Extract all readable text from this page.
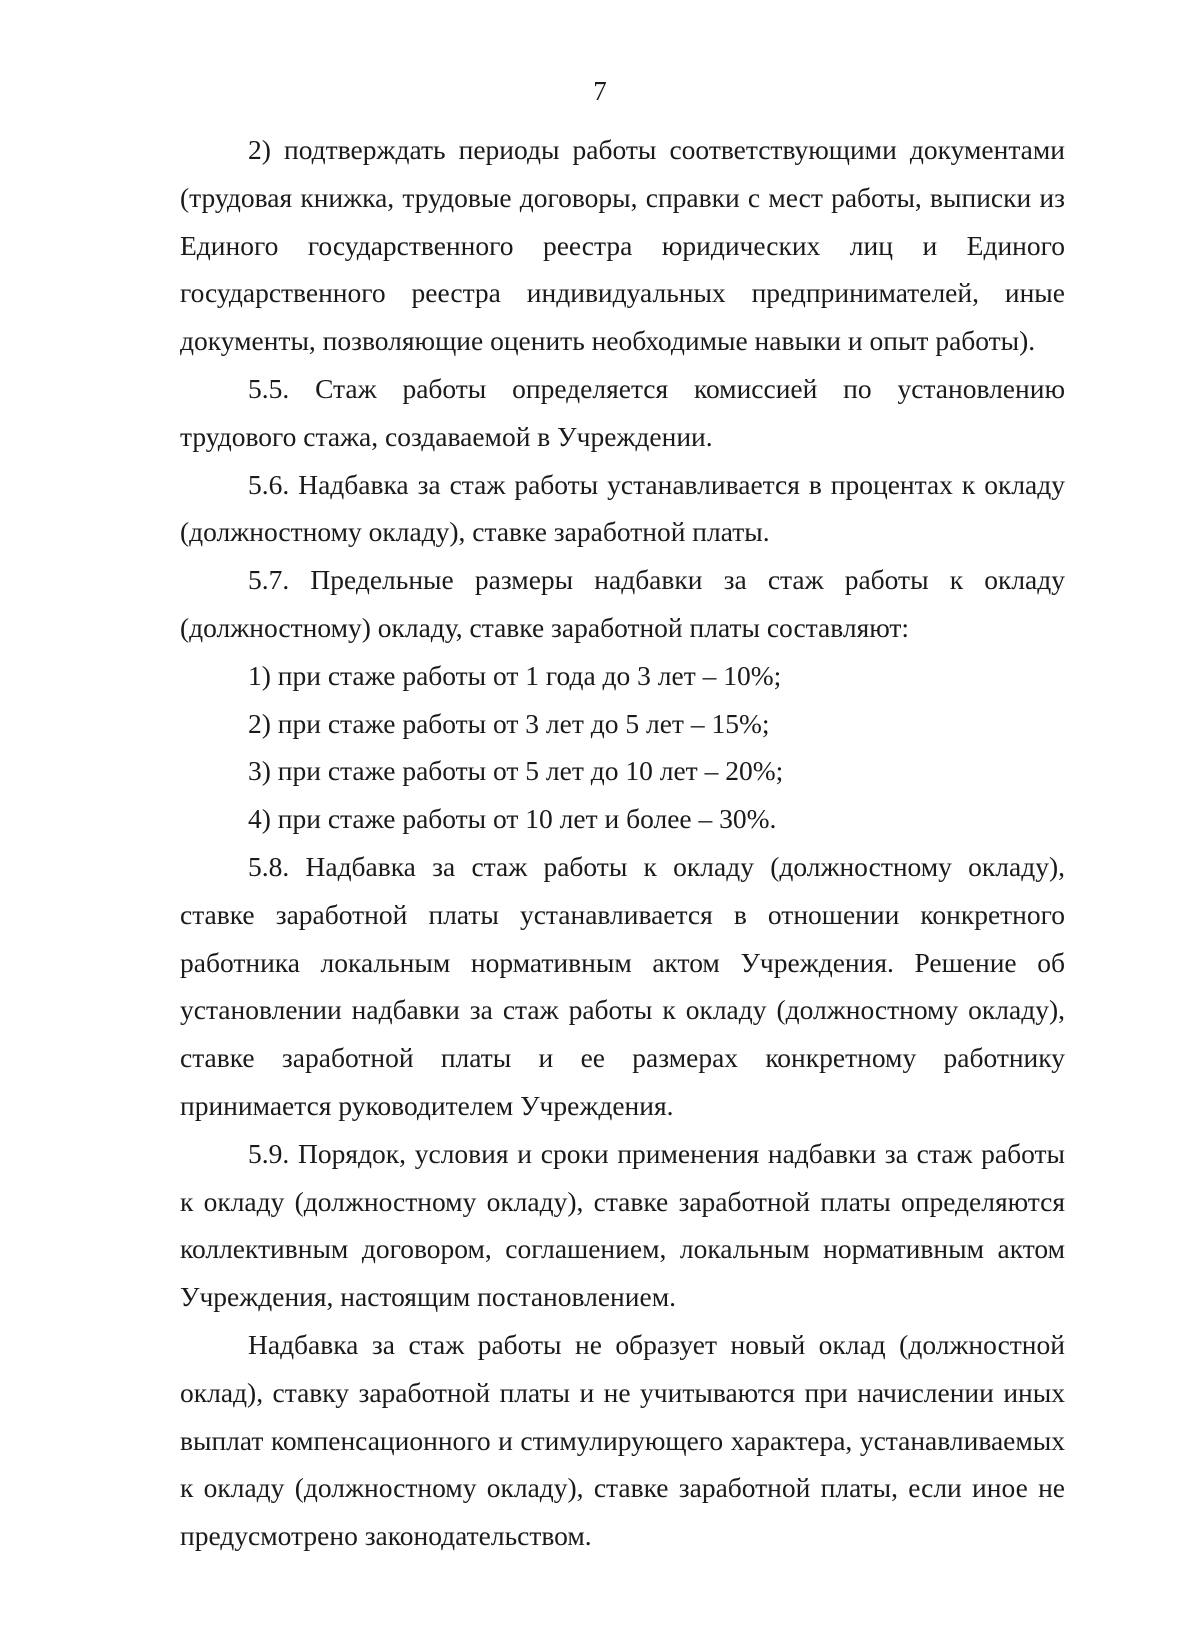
7

2) подтверждать периоды работы соответствующими документами (трудовая книжка, трудовые договоры, справки с мест работы, выписки из Единого государственного реестра юридических лиц и Единого государственного реестра индивидуальных предпринимателей, иные документы, позволяющие оценить необходимые навыки и опыт работы).

5.5. Стаж работы определяется комиссией по установлению трудового стажа, создаваемой в Учреждении.

5.6. Надбавка за стаж работы устанавливается в процентах к окладу (должностному окладу), ставке заработной платы.

5.7. Предельные размеры надбавки за стаж работы к окладу (должностному) окладу, ставке заработной платы составляют:

1) при стаже работы от 1 года до 3 лет – 10%;

2) при стаже работы от 3 лет до 5 лет – 15%;

3) при стаже работы от 5 лет до 10 лет – 20%;

4) при стаже работы от 10 лет и более – 30%.

5.8. Надбавка за стаж работы к окладу (должностному окладу), ставке заработной платы устанавливается в отношении конкретного работника локальным нормативным актом Учреждения. Решение об установлении надбавки за стаж работы к окладу (должностному окладу), ставке заработной платы и ее размерах конкретному работнику принимается руководителем Учреждения.

5.9. Порядок, условия и сроки применения надбавки за стаж работы к окладу (должностному окладу), ставке заработной платы определяются коллективным договором, соглашением, локальным нормативным актом Учреждения, настоящим постановлением.

Надбавка за стаж работы не образует новый оклад (должностной оклад), ставку заработной платы и не учитываются при начислении иных выплат компенсационного и стимулирующего характера, устанавливаемых к окладу (должностному окладу), ставке заработной платы, если иное не предусмотрено законодательством.
